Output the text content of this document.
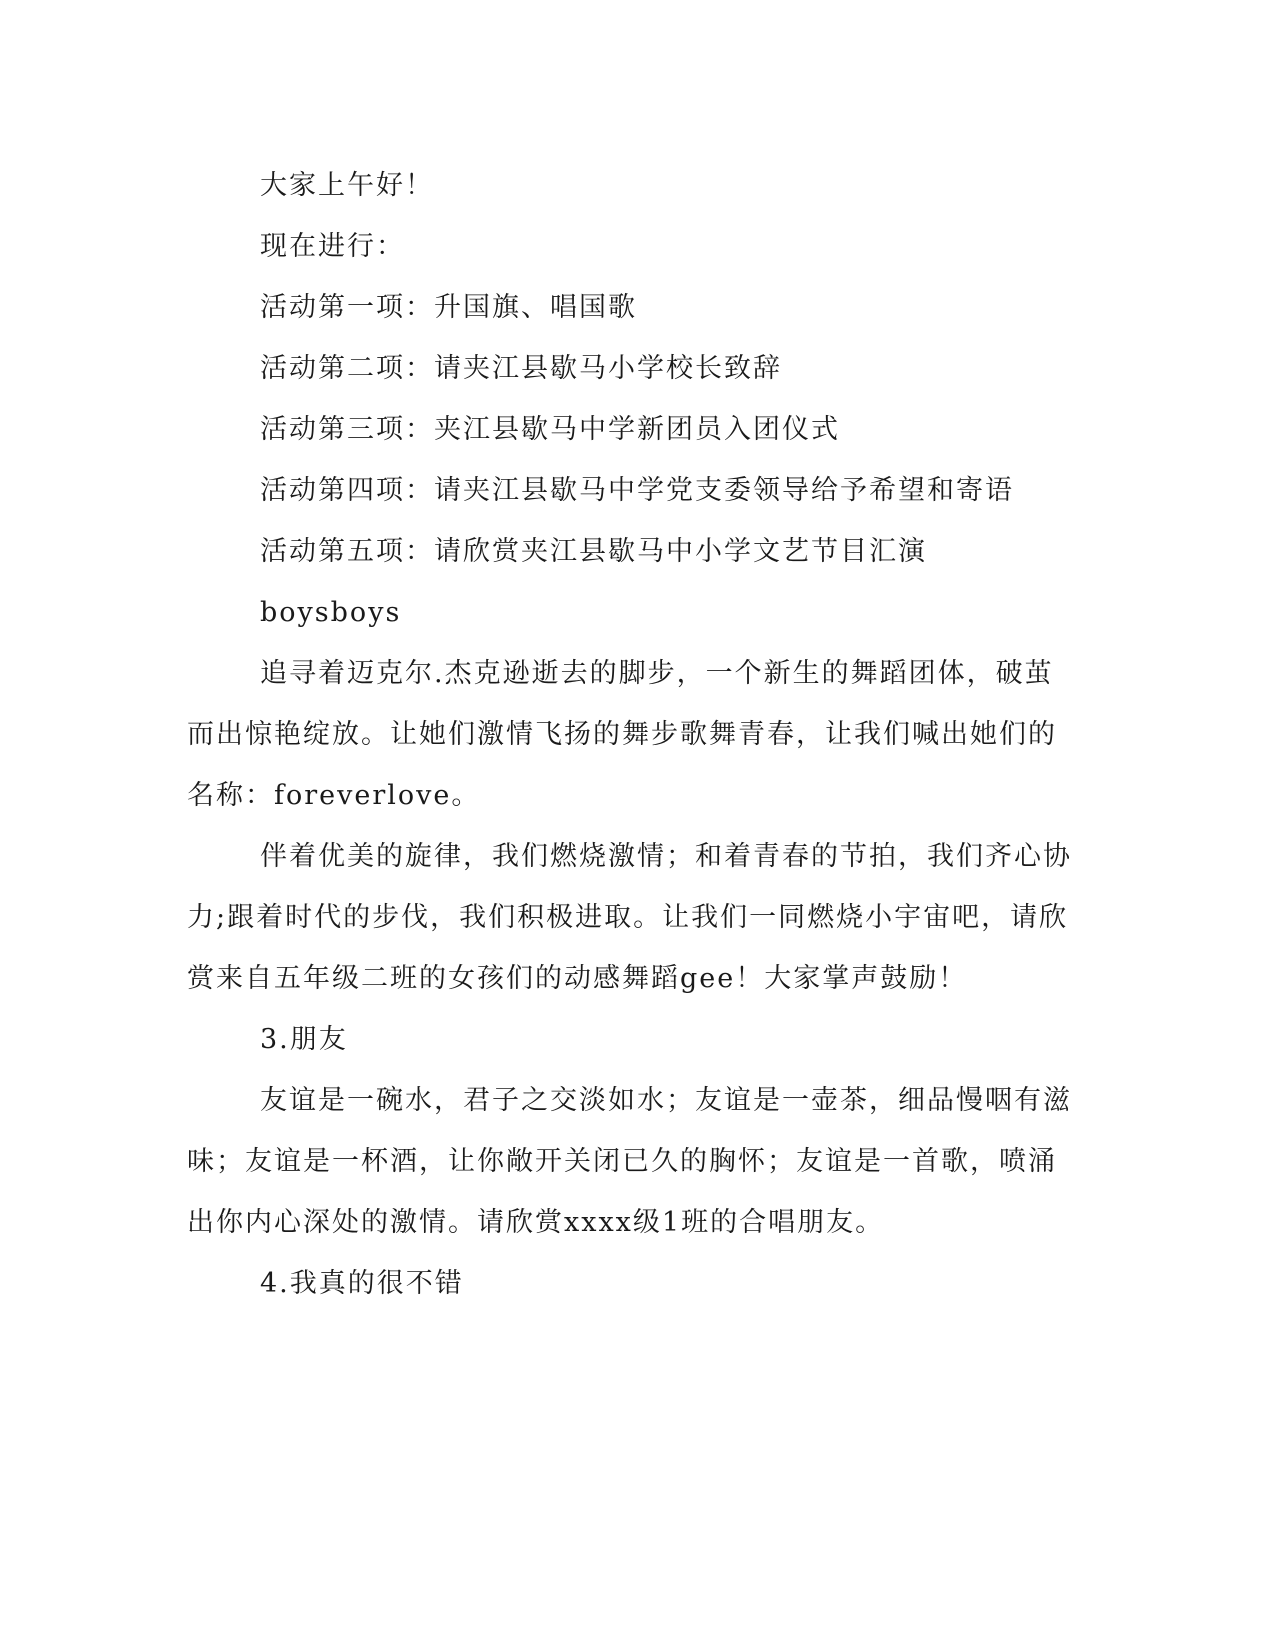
大家上午好！

现在进行：

活动第一项：升国旗、唱国歌

活动第二项：请夹江县歇马小学校长致辞

活动第三项：夹江县歇马中学新团员入团仪式

活动第四项：请夹江县歇马中学党支委领导给予希望和寄语

活动第五项：请欣赏夹江县歇马中小学文艺节目汇演

boysboys

追寻着迈克尔.杰克逊逝去的脚步，一个新生的舞蹈团体，破茧而出惊艳绽放。让她们激情飞扬的舞步歌舞青春，让我们喊出她们的名称：foreverlove。

伴着优美的旋律，我们燃烧激情；和着青春的节拍，我们齐心协力;跟着时代的步伐，我们积极进取。让我们一同燃烧小宇宙吧，请欣赏来自五年级二班的女孩们的动感舞蹈gee！大家掌声鼓励！

3.朋友

友谊是一碗水，君子之交淡如水；友谊是一壶茶，细品慢咽有滋味；友谊是一杯酒，让你敞开关闭已久的胸怀；友谊是一首歌，喷涌出你内心深处的激情。请欣赏xxxx级1班的合唱朋友。

4.我真的很不错
